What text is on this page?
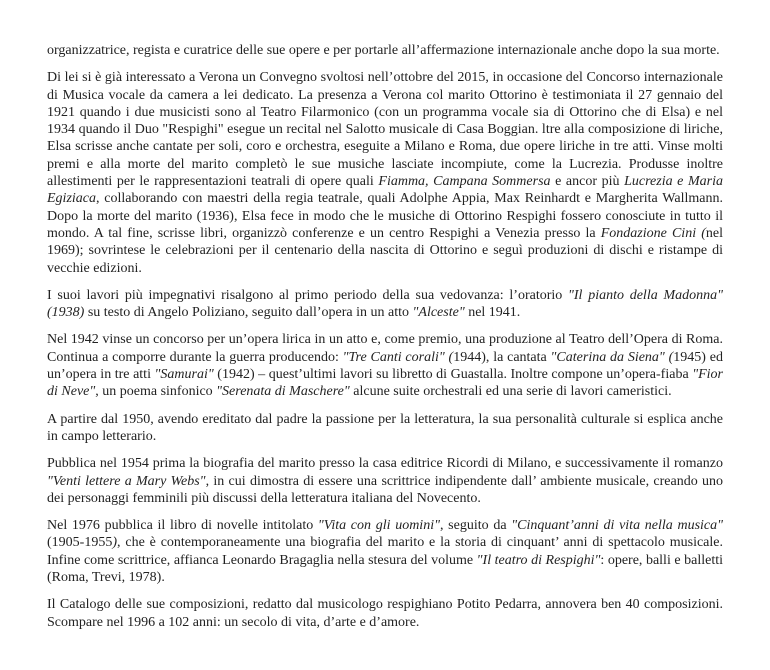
organizzatrice, regista e curatrice delle sue opere e per portarle all’affermazione internazionale anche dopo la sua morte.

Di lei si è già interessato a Verona un Convegno svoltosi nell’ottobre del 2015, in occasione del Concorso internazionale di Musica vocale da camera a lei dedicato. La presenza a Verona col marito Ottorino è testimoniata il 27 gennaio del 1921 quando i due musicisti sono al Teatro Filarmonico (con un programma vocale sia di Ottorino che di Elsa) e nel 1934 quando il Duo "Respighi" esegue un recital nel Salotto musicale di Casa Boggian. ltre alla composizione di liriche, Elsa scrisse anche cantate per soli, coro e orchestra, eseguite a Milano e Roma, due opere liriche in tre atti. Vinse molti premi e alla morte del marito completò le sue musiche lasciate incompiute, come la Lucrezia. Produsse inoltre allestimenti per le rappresentazioni teatrali di opere quali Fiamma, Campana Sommersa e ancor più Lucrezia e Maria Egiziaca, collaborando con maestri della regia teatrale, quali Adolphe Appia, Max Reinhardt e Margherita Wallmann. Dopo la morte del marito (1936), Elsa fece in modo che le musiche di Ottorino Respighi fossero conosciute in tutto il mondo. A tal fine, scrisse libri, organizzò conferenze e un centro Respighi a Venezia presso la Fondazione Cini (nel 1969); sovrintese le celebrazioni per il centenario della nascita di Ottorino e seguì produzioni di dischi e ristampe di vecchie edizioni.

I suoi lavori più impegnativi risalgono al primo periodo della sua vedovanza: l’oratorio "Il pianto della Madonna" (1938) su testo di Angelo Poliziano, seguito dall’opera in un atto "Alceste" nel 1941.

Nel 1942 vinse un concorso per un’opera lirica in un atto e, come premio, una produzione al Teatro dell’Opera di Roma. Continua a comporre durante la guerra producendo: "Tre Canti corali" (1944), la cantata "Caterina da Siena" (1945) ed un’opera in tre atti "Samurai" (1942) – quest’ultimi lavori su libretto di Guastalla. Inoltre compone un’opera-fiaba "Fior di Neve", un poema sinfonico "Serenata di Maschere" alcune suite orchestrali ed una serie di lavori cameristici.

A partire dal 1950, avendo ereditato dal padre la passione per la letteratura, la sua personalità culturale si esplica anche in campo letterario.

Pubblica nel 1954 prima la biografia del marito presso la casa editrice Ricordi di Milano, e successivamente il romanzo "Venti lettere a Mary Webs", in cui dimostra di essere una scrittrice indipendente dall’ ambiente musicale, creando uno dei personaggi femminili più discussi della letteratura italiana del Novecento.

Nel 1976 pubblica il libro di novelle intitolato "Vita con gli uomini", seguito da "Cinquant’anni di vita nella musica" (1905-1955), che è contemporaneamente una biografia del marito e la storia di cinquant’ anni di spettacolo musicale. Infine come scrittrice, affianca Leonardo Bragaglia nella stesura del volume "Il teatro di Respighi": opere, balli e balletti (Roma, Trevi, 1978).

Il Catalogo delle sue composizioni, redatto dal musicologo respighiano Potito Pedarra, annovera ben 40 composizioni. Scompare nel 1996 a 102 anni: un secolo di vita, d’arte e d’amore.
